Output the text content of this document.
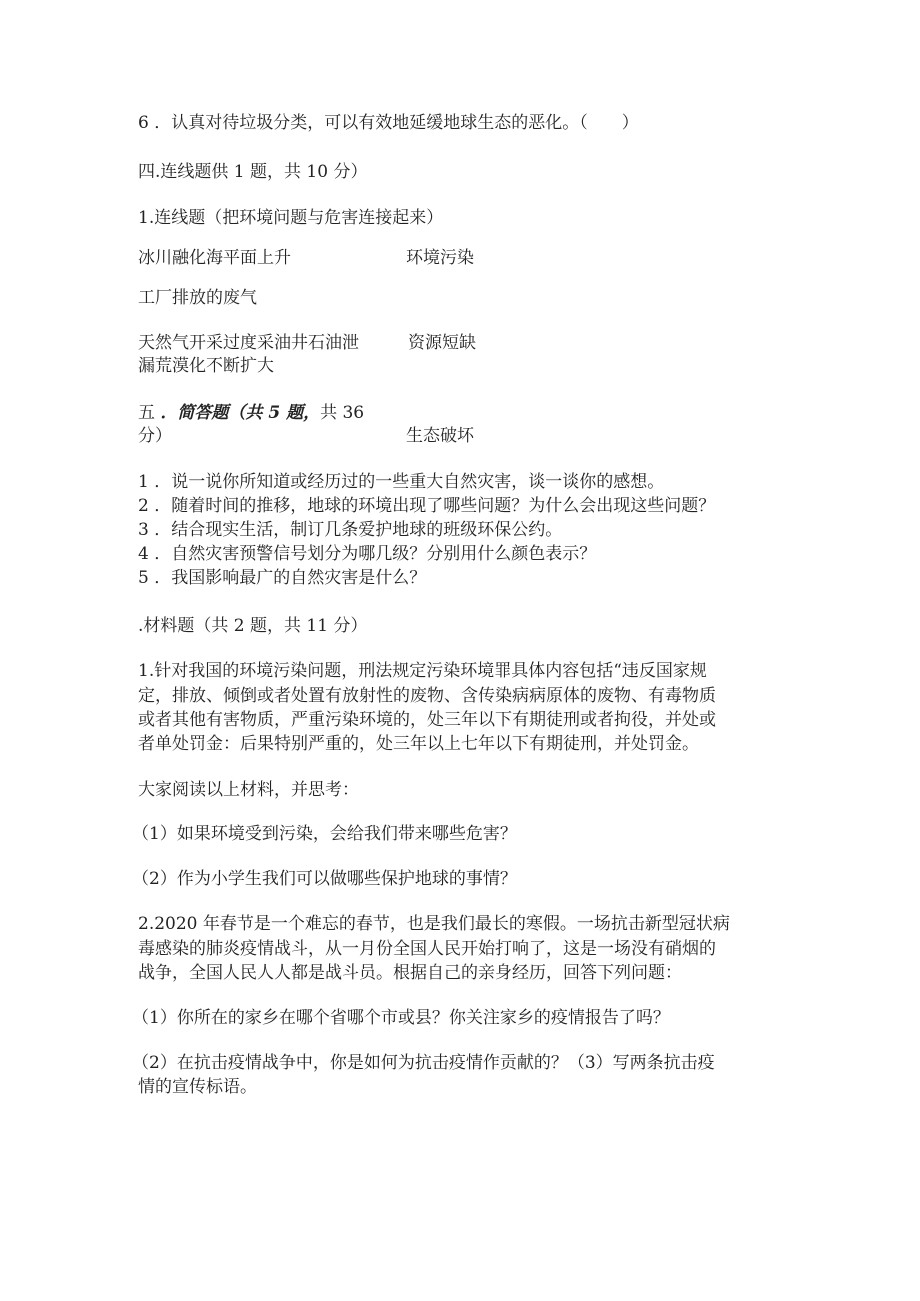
6 ．认真对待垃圾分类，可以有效地延缓地球生态的恶化。（　　）
四.连线题供 1 题，共 10 分）
1.连线题（把环境问题与危害连接起来）
冰川融化海平面上升	环境污染
工厂排放的废气
天然气开采过度采油井石油泄	资源短缺
漏荒漠化不断扩大
五 ．简答题（共 5 题，共 36
分）	生态破坏
1 ．说一说你所知道或经历过的一些重大自然灾害，谈一谈你的感想。
2 ．随着时间的推移，地球的环境出现了哪些问题？为什么会出现这些问题？
3 ．结合现实生活，制订几条爱护地球的班级环保公约。
4 ．自然灾害预警信号划分为哪几级？分别用什么颜色表示？
5 ．我国影响最广的自然灾害是什么？
.材料题（共 2 题，共 11 分）
1.针对我国的环境污染问题，刑法规定污染环境罪具体内容包括“违反国家规
定，排放、倾倒或者处置有放射性的废物、含传染病病原体的废物、有毒物质
或者其他有害物质，严重污染环境的，处三年以下有期徒刑或者拘役，并处或
者单处罚金：后果特别严重的，处三年以上七年以下有期徒刑，并处罚金。
大家阅读以上材料，并思考：
（1）如果环境受到污染，会给我们带来哪些危害？
（2）作为小学生我们可以做哪些保护地球的事情？
2.2020 年春节是一个难忘的春节，也是我们最长的寒假。一场抗击新型冠状病
毒感染的肺炎疫情战斗，从一月份全国人民开始打响了，这是一场没有硝烟的
战争，全国人民人人都是战斗员。根据自己的亲身经历，回答下列问题：
（1）你所在的家乡在哪个省哪个市或县？你关注家乡的疫情报告了吗？
（2）在抗击疫情战争中，你是如何为抗击疫情作贡献的？（3）写两条抗击疫
情的宣传标语。
